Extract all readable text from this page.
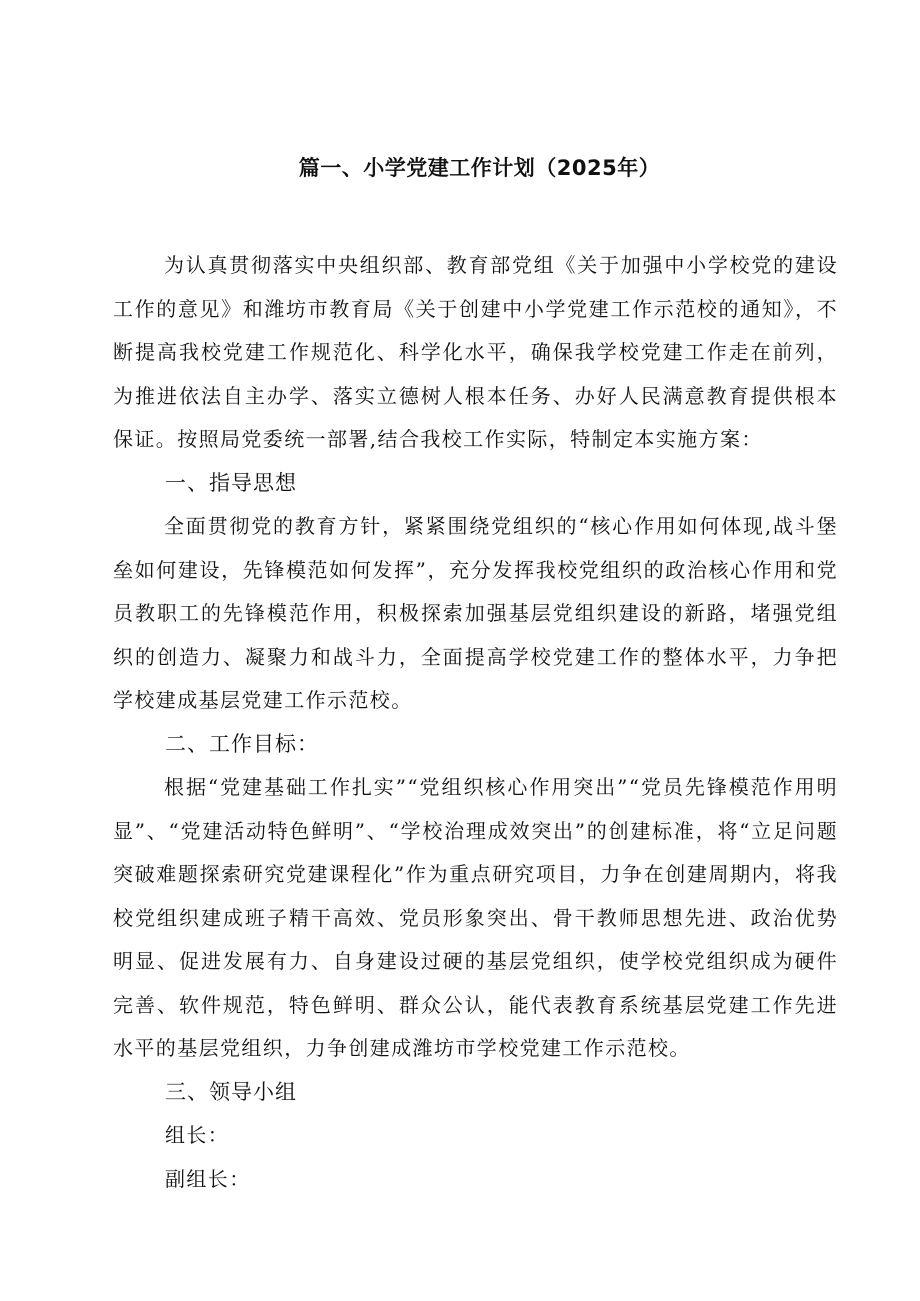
篇一、小学党建工作计划（2025年）

为认真贯彻落实中央组织部、教育部党组《关于加强中小学校党的建设工作的意见》和潍坊市教育局《关于创建中小学党建工作示范校的通知》，不断提高我校党建工作规范化、科学化水平，确保我学校党建工作走在前列，为推进依法自主办学、落实立德树人根本任务、办好人民满意教育提供根本保证。按照局党委统一部署,结合我校工作实际，特制定本实施方案：

一、指导思想

全面贯彻党的教育方针，紧紧围绕党组织的“核心作用如何体现,战斗堡垒如何建设，先锋模范如何发挥”，充分发挥我校党组织的政治核心作用和党员教职工的先锋模范作用，积极探索加强基层党组织建设的新路，堵强党组织的创造力、凝聚力和战斗力，全面提高学校党建工作的整体水平，力争把学校建成基层党建工作示范校。

二、工作目标：

根据“党建基础工作扎实”“党组织核心作用突出”“党员先锋模范作用明显”、“党建活动特色鲜明”、“学校治理成效突出”的创建标准，将“立足问题突破难题探索研究党建课程化”作为重点研究项目，力争在创建周期内，将我校党组织建成班子精干高效、党员形象突出、骨干教师思想先进、政治优势明显、促进发展有力、自身建设过硬的基层党组织，使学校党组织成为硬件完善、软件规范，特色鲜明、群众公认，能代表教育系统基层党建工作先进水平的基层党组织，力争创建成潍坊市学校党建工作示范校。

三、领导小组
组长：
副组长：
